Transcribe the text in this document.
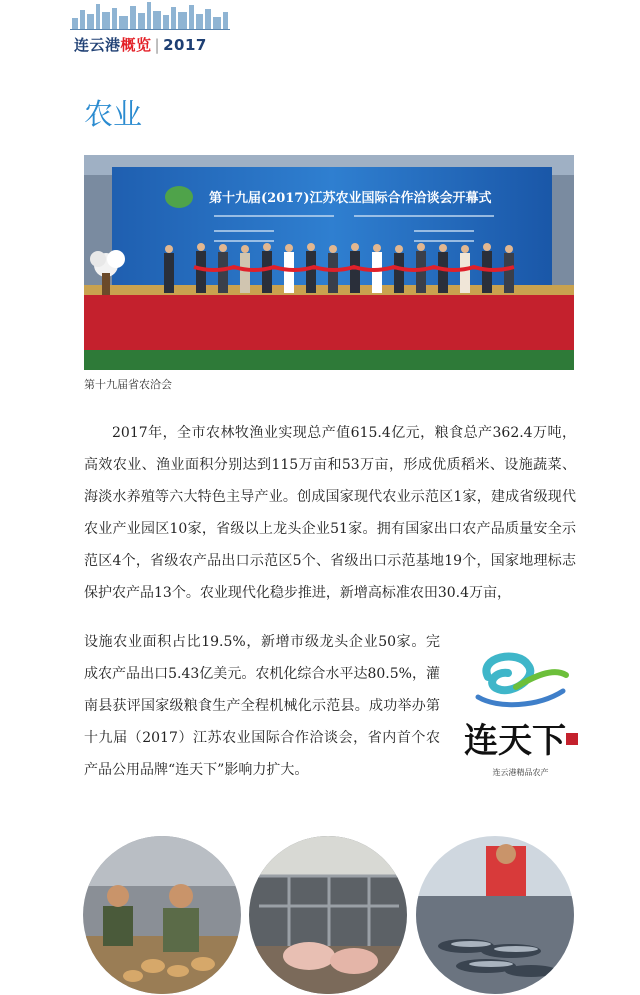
连云港概览 | 2017
农业
第十九届(2017)江苏农业国际合作洽谈会开幕式
第十九届省农洽会
2017年，全市农林牧渔业实现总产值615.4亿元，粮食总产362.4万吨，高效农业、渔业面积分别达到115万亩和53万亩，形成优质稻米、设施蔬菜、海淡水养殖等六大特色主导产业。创成国家现代农业示范区1家，建成省级现代农业产业园区10家，省级以上龙头企业51家。拥有国家出口农产品质量安全示范区4个，省级农产品出口示范区5个、省级出口示范基地19个，国家地理标志保护农产品13个。农业现代化稳步推进，新增高标准农田30.4万亩，
设施农业面积占比19.5%，新增市级龙头企业50家。完成农产品出口5.43亿美元。农机化综合水平达80.5%，灌南县获评国家级粮食生产全程机械化示范县。成功举办第十九届（2017）江苏农业国际合作洽谈会，省内首个农产品公用品牌“连天下”影响力扩大。
连天下
连云港精品农产
